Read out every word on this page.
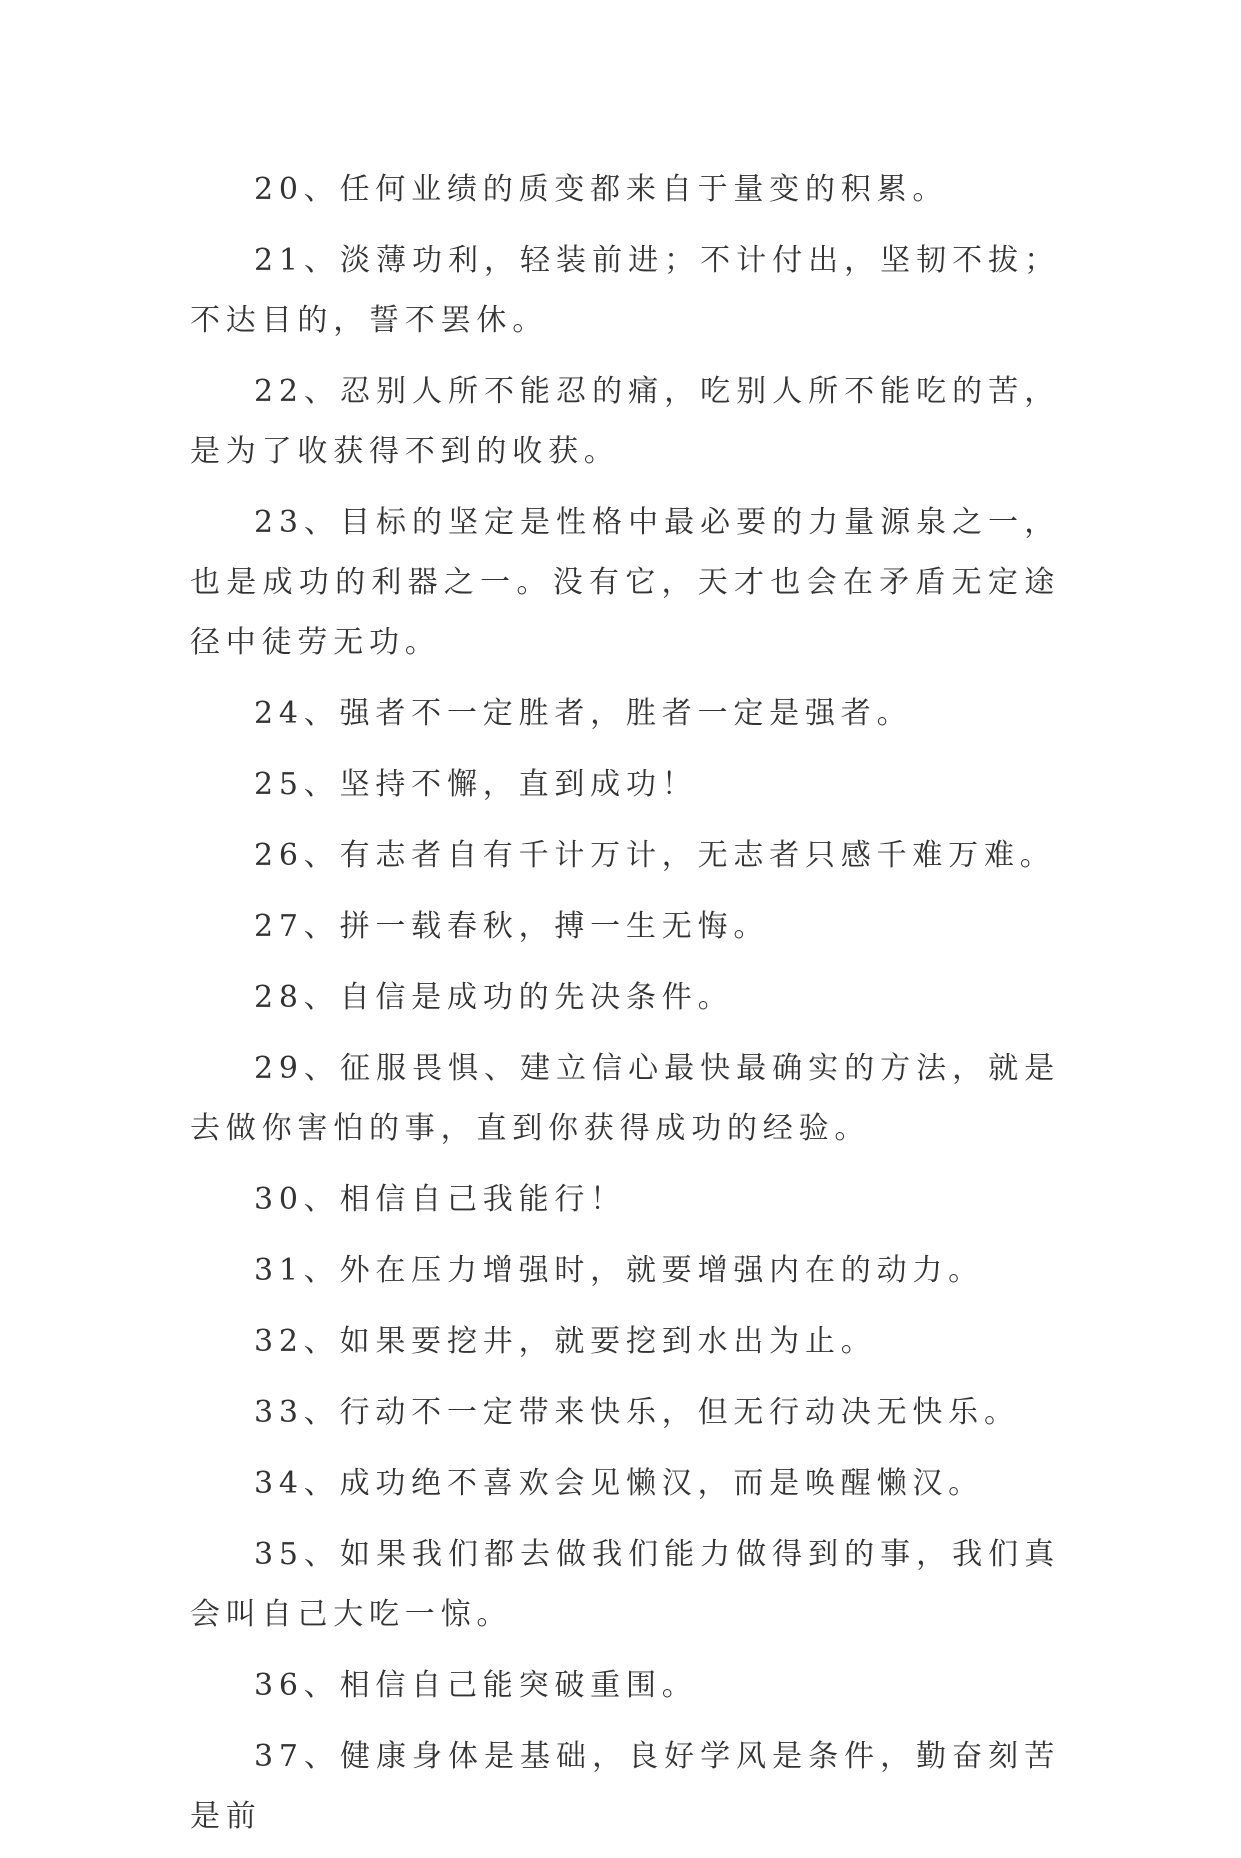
20、任何业绩的质变都来自于量变的积累。

21、淡薄功利，轻装前进；不计付出，坚韧不拔；不达目的，誓不罢休。

22、忍别人所不能忍的痛，吃别人所不能吃的苦，是为了收获得不到的收获。

23、目标的坚定是性格中最必要的力量源泉之一，也是成功的利器之一。没有它，天才也会在矛盾无定途径中徒劳无功。

24、强者不一定胜者，胜者一定是强者。

25、坚持不懈，直到成功！

26、有志者自有千计万计，无志者只感千难万难。

27、拼一载春秋，搏一生无悔。

28、自信是成功的先决条件。

29、征服畏惧、建立信心最快最确实的方法，就是去做你害怕的事，直到你获得成功的经验。

30、相信自己我能行！

31、外在压力增强时，就要增强内在的动力。

32、如果要挖井，就要挖到水出为止。

33、行动不一定带来快乐，但无行动决无快乐。

34、成功绝不喜欢会见懒汉，而是唤醒懒汉。

35、如果我们都去做我们能力做得到的事，我们真会叫自己大吃一惊。

36、相信自己能突破重围。

37、健康身体是基础，良好学风是条件，勤奋刻苦是前
